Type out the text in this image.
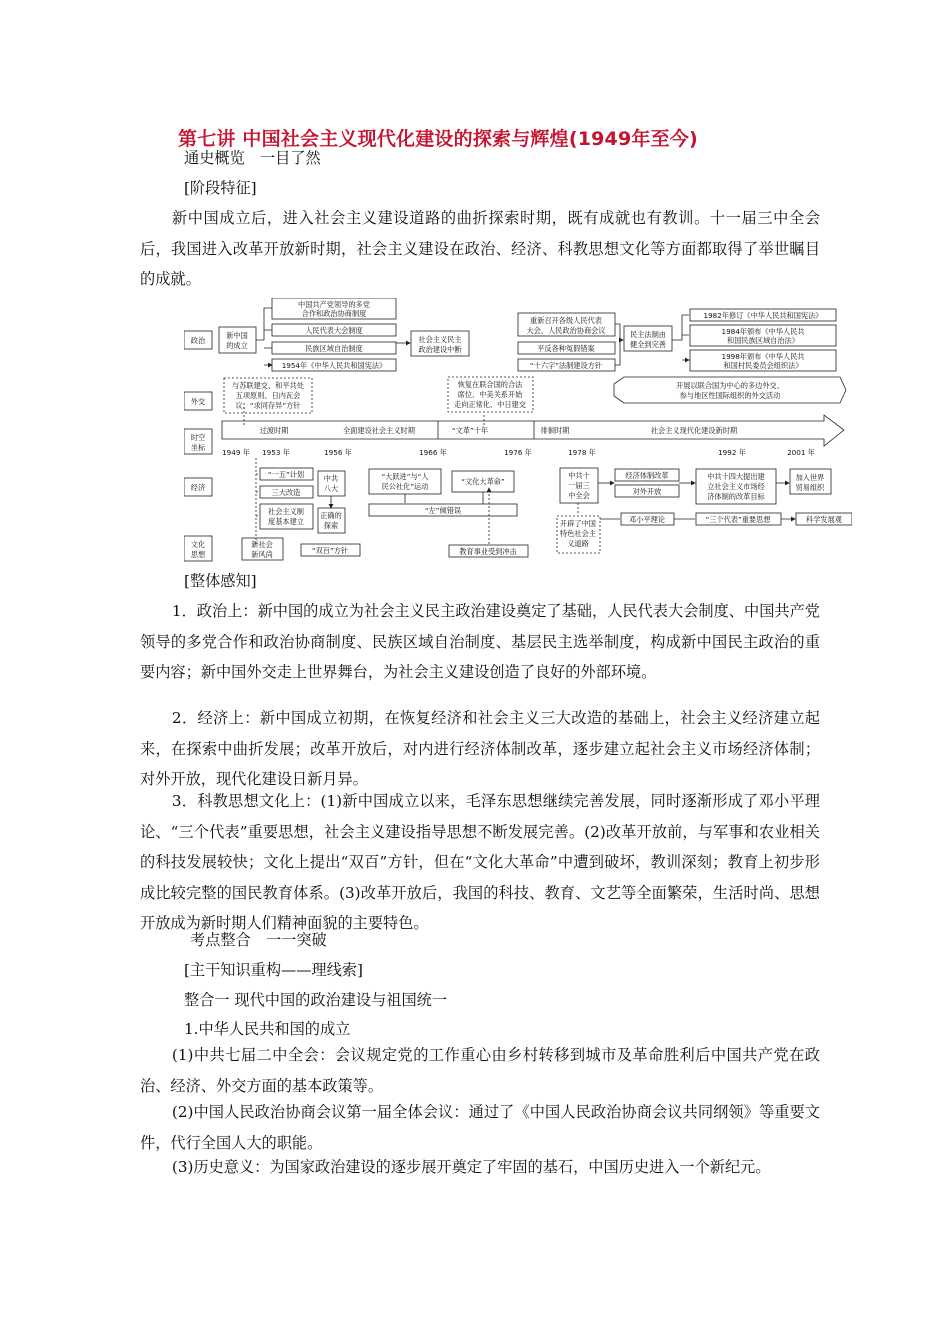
第七讲 中国社会主义现代化建设的探索与辉煌(1949年至今)
通史概览　一目了然
[阶段特征]

新中国成立后，进入社会主义建设道路的曲折探索时期，既有成就也有教训。十一届三中全会后，我国进入改革开放新时期，社会主义建设在政治、经济、科教思想文化等方面都取得了举世瞩目的成就。

政治
外交
时空
坐标
经济
文化
思想
新中国
的成立
中国共产党领导的多党
合作和政治协商制度
人民代表大会制度
民族区域自治制度
1954年《中华人民共和国宪法》
社会主义民主
政治建设中断
重新召开各级人民代表
大会、人民政治协商会议
平反各种冤假错案
“十六字”法制建设方针
民主法制由
健全到完善
1982年修订《中华人民共和国宪法》
1984年颁布《中华人民共
和国民族区域自治法》
1998年颁布《中华人民共
和国村民委员会组织法》
与苏联建交、和平共处
五项原则、日内瓦会
议、“求同存异”方针
恢复在联合国的合法
席位、中美关系开始
走向正常化、中日建交
开展以联合国为中心的多边外交、
参与地区性国际组织的外交活动
过渡时期	全面建设社会主义时期	“文革”十年	徘徊时期	社会主义现代化建设新时期
1949 年 1953 年	1956 年	1966 年	1976 年	1978 年	1992 年	2001 年
“一五”计划
三大改造
社会主义制
度基本建立
中共
八大
正确的
探索
“大跃进”与“人
民公社化”运动
“左”倾错误
“文化大革命”
中共十
一届三
中全会
经济体制改革
对外开放
中共十四大提出建
立社会主义市场经
济体制的改革目标
加入世界
贸易组织
开辟了中国
特色社会主
义道路
邓小平理论	“三个代表”重要思想	科学发展观
新社会
新风尚	“双百”方针	教育事业受到冲击
[整体感知]

1．政治上：新中国的成立为社会主义民主政治建设奠定了基础，人民代表大会制度、中国共产党领导的多党合作和政治协商制度、民族区域自治制度、基层民主选举制度，构成新中国民主政治的重要内容；新中国外交走上世界舞台，为社会主义建设创造了良好的外部环境。

2．经济上：新中国成立初期，在恢复经济和社会主义三大改造的基础上，社会主义经济建立起来，在探索中曲折发展；改革开放后，对内进行经济体制改革，逐步建立起社会主义市场经济体制；对外开放，现代化建设日新月异。

3．科教思想文化上：(1)新中国成立以来，毛泽东思想继续完善发展，同时逐渐形成了邓小平理论、“三个代表”重要思想，社会主义建设指导思想不断发展完善。(2)改革开放前，与军事和农业相关的科技发展较快；文化上提出“双百”方针，但在“文化大革命”中遭到破坏，教训深刻；教育上初步形成比较完整的国民教育体系。(3)改革开放后，我国的科技、教育、文艺等全面繁荣，生活时尚、思想开放成为新时期人们精神面貌的主要特色。

考点整合　一一突破
[主干知识重构——理线索]
整合一 现代中国的政治建设与祖国统一
1.中华人民共和国的成立

(1)中共七届二中全会：会议规定党的工作重心由乡村转移到城市及革命胜利后中国共产党在政治、经济、外交方面的基本政策等。

(2)中国人民政治协商会议第一届全体会议：通过了《中国人民政治协商会议共同纲领》等重要文件，代行全国人大的职能。

(3)历史意义：为国家政治建设的逐步展开奠定了牢固的基石，中国历史进入一个新纪元。
